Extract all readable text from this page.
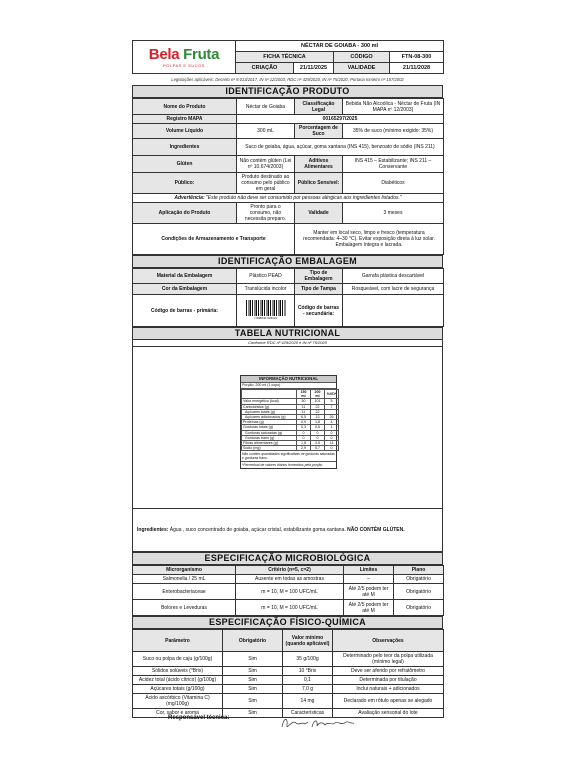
Bela Fruta
POLPAS E SUCOS	NÉCTAR DE GOIABA - 300 ml			
	FICHA TÉCNICA		CÓDIGO	FTN-08-300
	CRIAÇÃO	21/11/2025	VALIDADE	21/11/2028
Legislações aplicáveis: Decreto nº 9.013/2017, IN nº 12/2003, RDC nº 429/2020, IN nº 75/2020, Portaria Inmetro nº 157/2002
IDENTIFICAÇÃO PRODUTO
Nome do Produto	Néctar de Goiaba	Classificação Legal	Bebida Não Alcoólica - Néctar de Fruta (IN MAPA nº 12/2003)
Registro MAPA	00165297/2025		
Volume Líquido	300 mL	Porcentagem de Suco	35% de suco (mínimo exigido: 35%)
Ingredientes	Suco de goiaba, água, açúcar, goma xantana (INS 415), benzoato de sódio (INS 211)		
Glúten	Não contém glúten (Lei nº 10.674/2003)	Aditivos Alimentares	INS 415 – Estabilizante; INS 211 – Conservante
Público:	Produto destinado ao consumo pelo público em geral	Público Sensível:	Diabéticos
Advertência: "Este produto não deve ser consumido por pessoas alérgicas aos ingredientes listados."			
Aplicação do Produto	Pronto para o consumo, não necessita preparo.	Validade	3 meses
Condições de Armazenamento e Transporte		Manter em local seco, limpo e fresco (temperatura recomendada: 4–30 °C). Evitar exposição direta à luz solar. Embalagem íntegra e lacrada.	
IDENTIFICAÇÃO EMBALAGEM
Material da Embalagem	Plástico PEAD	Tipo de Embalagem	Garrafa plástica descartável
Cor da Embalagem	Translúcida incolor	Tipo de Tampa	Rosqueável, com lacre de segurança
Código de barras - primária:	7 898042 923321	Código de barras - secundária:	
TABELA NUTRICIONAL
Conforme RDC nº 429/2020 e IN nº 75/2020
INFORMAÇÃO NUTRICIONAL
Porção: 200 ml (1 copo)
	150 ml	200 ml	%VD*
Valor energético (kcal)	50	101	5
Carboidratos (g)	11	22	7
Açúcares totais (g)	11	22	
Açúcares adicionados (g)	6,5	13	26
Proteínas (g)	0,9	1,8	4
Gorduras totais (g)	0,3	0,6	1
Gorduras saturadas (g)	0	0	0
Gorduras trans (g)	0	0	0
Fibras alimentares (g)	1,8	3,5	14
Sódio (mg)	2,9	5,7	0
Não contém quantidades significativas de gorduras saturadas e gorduras trans.
*Percentual de valores diários fornecidos pela porção.
Ingredientes: Água , suco concentrado de goiaba, açúcar cristal, estabilizante goma xantana. NÃO CONTÉM GLÚTEN.
ESPECIFICAÇÃO MICROBIOLÓGICA
Microrganismo	Critério (n=5, c=2)	Limites	Plano
Salmonella / 25 mL	Ausente em todas as amostras	–	Obrigatório
Enterobacteriaceae	m = 10, M = 100 UFC/mL	Até 2/5 podem ter até M	Obrigatório
Bolores e Leveduras	m = 10, M = 100 UFC/mL	Até 2/5 podem ter até M	Obrigatório
ESPECIFICAÇÃO FÍSICO-QUÍMICA
Parâmetro	Obrigatório	Valor mínimo (quando aplicável)	Observações
Suco ou polpa de caju (g/100g)	Sim	35 g/100g	Determinado pelo teor da polpa utilizada (mínimo legal)
Sólidos solúveis (°Brix)	Sim	10 °Brix	Deve ser aferido por refratômetro
Acidez total (ácido cítrico) (g/100g)	Sim	0,1	Determinada por titulação
Açúcares totais (g/100g)	Sim	7,0 g	Inclui naturais + adicionados
Ácido ascórbico (Vitamina C) (mg/100g)	Sim	14 mg	Declarado em rótulo apenas se alegado
Cor, sabor e aroma	Sim	Características	Avaliação sensorial do lote
Responsável técnica:
